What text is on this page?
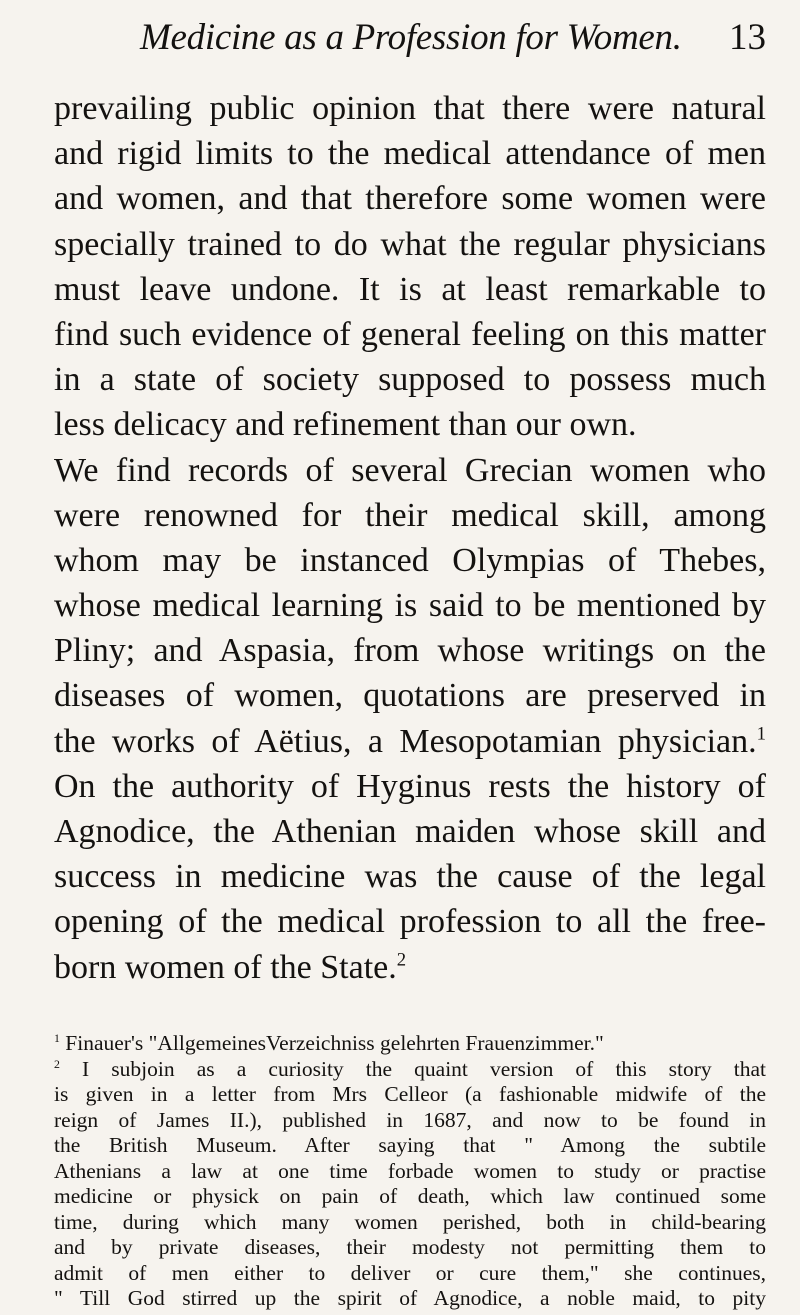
Medicine as a Profession for Women. 13
prevailing public opinion that there were natural
and rigid limits to the medical attendance of men
and women, and that therefore some women were
specially trained to do what the regular physicians
must leave undone. It is at least remarkable to
find such evidence of general feeling on this matter
in a state of society supposed to possess much
less delicacy and refinement than our own.
We find records of several Grecian women who
were renowned for their medical skill, among
whom may be instanced Olympias of Thebes,
whose medical learning is said to be mentioned by
Pliny; and Aspasia, from whose writings on the
diseases of women, quotations are preserved in
the works of Aëtius, a Mesopotamian physician.$^1$
On the authority of Hyginus rests the history of
Agnodice, the Athenian maiden whose skill and
success in medicine was the cause of the legal
opening of the medical profession to all the free-
born women of the State.$^2$
$^1$ Finauer's "AllgemeinesVerzeichniss gelehrten Frauenzimmer."
$^2$ I subjoin as a curiosity the quaint version of this story that
is given in a letter from Mrs Celleor (a fashionable midwife of the
reign of James II.), published in 1687, and now to be found in
the British Museum. After saying that " Among the subtile
Athenians a law at one time forbade women to study or practise
medicine or physick on pain of death, which law continued some
time, during which many women perished, both in child-bearing
and by private diseases, their modesty not permitting them to
admit of men either to deliver or cure them," she continues,
" Till God stirred up the spirit of Agnodice, a noble maid, to pity
